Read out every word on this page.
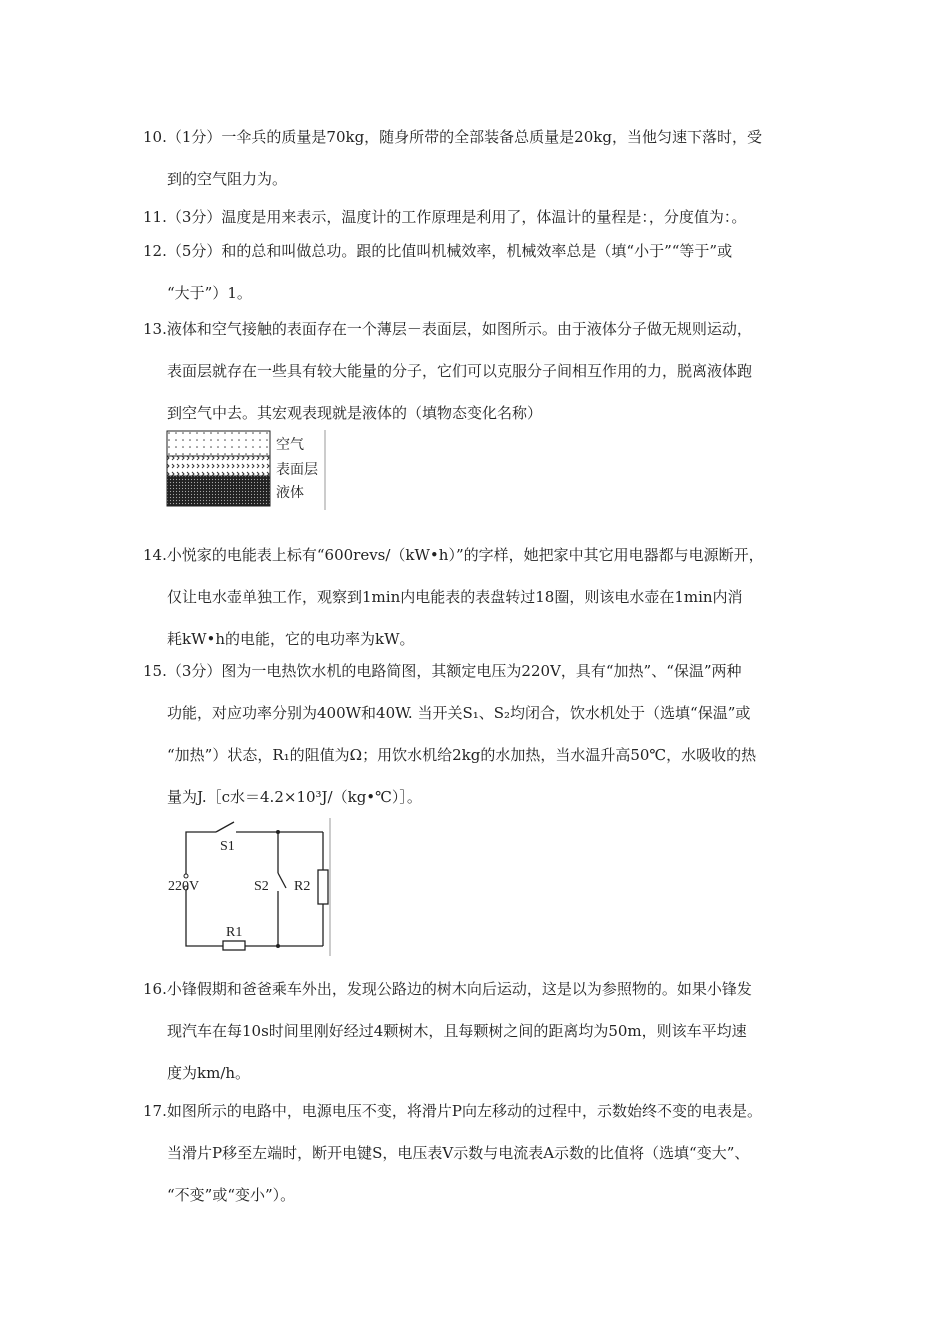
10.（1分）一伞兵的质量是70kg，随身所带的全部装备总质量是20kg，当他匀速下落时，受
到的空气阻力为。
11.（3分）温度是用来表示，温度计的工作原理是利用了，体温计的量程是：，分度值为：。
12.（5分）和的总和叫做总功。跟的比值叫机械效率，机械效率总是（填“小于”“等于”或
“大于”）1。
13.液体和空气接触的表面存在一个薄层－表面层，如图所示。由于液体分子做无规则运动，
表面层就存在一些具有较大能量的分子，它们可以克服分子间相互作用的力，脱离液体跑
到空气中去。其宏观表现就是液体的（填物态变化名称）
空气
表面层
液体
14.小悦家的电能表上标有“600revs/（kW•h）”的字样，她把家中其它用电器都与电源断开，
仅让电水壶单独工作，观察到1min内电能表的表盘转过18圈，则该电水壶在1min内消
耗kW•h的电能，它的电功率为kW。
15.（3分）图为一电热饮水机的电路简图，其额定电压为220V，具有“加热”、“保温”两种
功能，对应功率分别为400W和40W. 当开关S₁、S₂均闭合，饮水机处于（选填“保温”或
“加热”）状态，R₁的阻值为Ω；用饮水机给2kg的水加热，当水温升高50℃，水吸收的热
量为J.［c水＝4.2×10³J/（kg•℃）］。
S1
S2
220V
R1
R2
16.小锋假期和爸爸乘车外出，发现公路边的树木向后运动，这是以为参照物的。如果小锋发
现汽车在每10s时间里刚好经过4颗树木，且每颗树之间的距离均为50m，则该车平均速
度为km/h。
17.如图所示的电路中，电源电压不变，将滑片P向左移动的过程中，示数始终不变的电表是。
当滑片P移至左端时，断开电键S，电压表V示数与电流表A示数的比值将（选填“变大”、
“不变”或“变小”）。
